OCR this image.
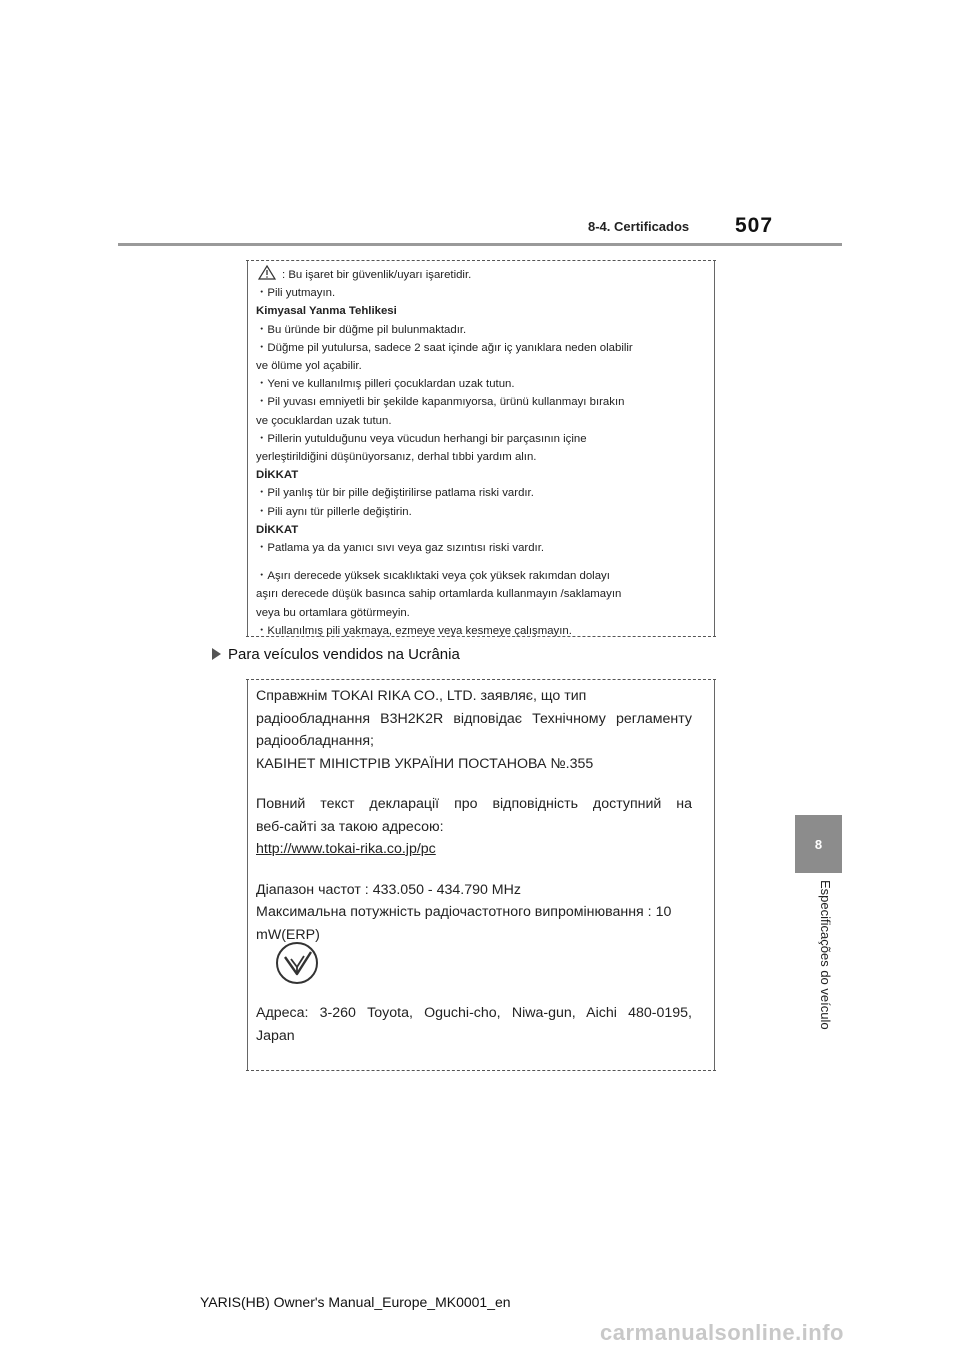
8-4. Certificados 507
8
Especificações do veículo
: Bu işaret bir güvenlik/uyarı işaretidir.
・Pili yutmayın.
Kimyasal Yanma Tehlikesi
・Bu üründe bir düğme pil bulunmaktadır.
・Düğme pil yutulursa, sadece 2 saat içinde ağır iç yanıklara neden olabilir
ve ölüme yol açabilir.
・Yeni ve kullanılmış pilleri çocuklardan uzak tutun.
・Pil yuvası emniyetli bir şekilde kapanmıyorsa, ürünü kullanmayı bırakın
ve çocuklardan uzak tutun.
・Pillerin yutulduğunu veya vücudun herhangi bir parçasının içine
yerleştirildiğini düşünüyorsanız, derhal tıbbi yardım alın.
DİKKAT
・Pil yanlış tür bir pille değiştirilirse patlama riski vardır.
・Pili aynı tür pillerle değiştirin.
DİKKAT
・Patlama ya da yanıcı sıvı veya gaz sızıntısı riski vardır.
・Aşırı derecede yüksek sıcaklıktaki veya çok yüksek rakımdan dolayı
aşırı derecede düşük basınca sahip ortamlarda kullanmayın /saklamayın
veya bu ortamlara götürmeyin.
・Kullanılmış pili yakmaya, ezmeye veya kesmeye çalışmayın.
Para veículos vendidos na Ucrânia
Справжнім TOKAI RIKA CO., LTD. заявляє, що тип
радіообладнання B3H2K2R відповідає Технічному регламенту
радіообладнання;
КАБІНЕТ МІНІСТРІВ УКРАЇНИ ПОСТАНОВА №.355
Повний текст декларації про відповідність доступний на
веб-сайті за такою адресою:
http://www.tokai-rika.co.jp/pc
Діапазон частот : 433.050 - 434.790 MHz
Максимальна потужність радіочастотного випромінювання : 10
mW(ERP)
Адреса: 3-260 Toyota, Oguchi-cho, Niwa-gun, Aichi 480-0195,
Japan
YARIS(HB) Owner's Manual_Europe_MK0001_en
carmanualsonline.info
